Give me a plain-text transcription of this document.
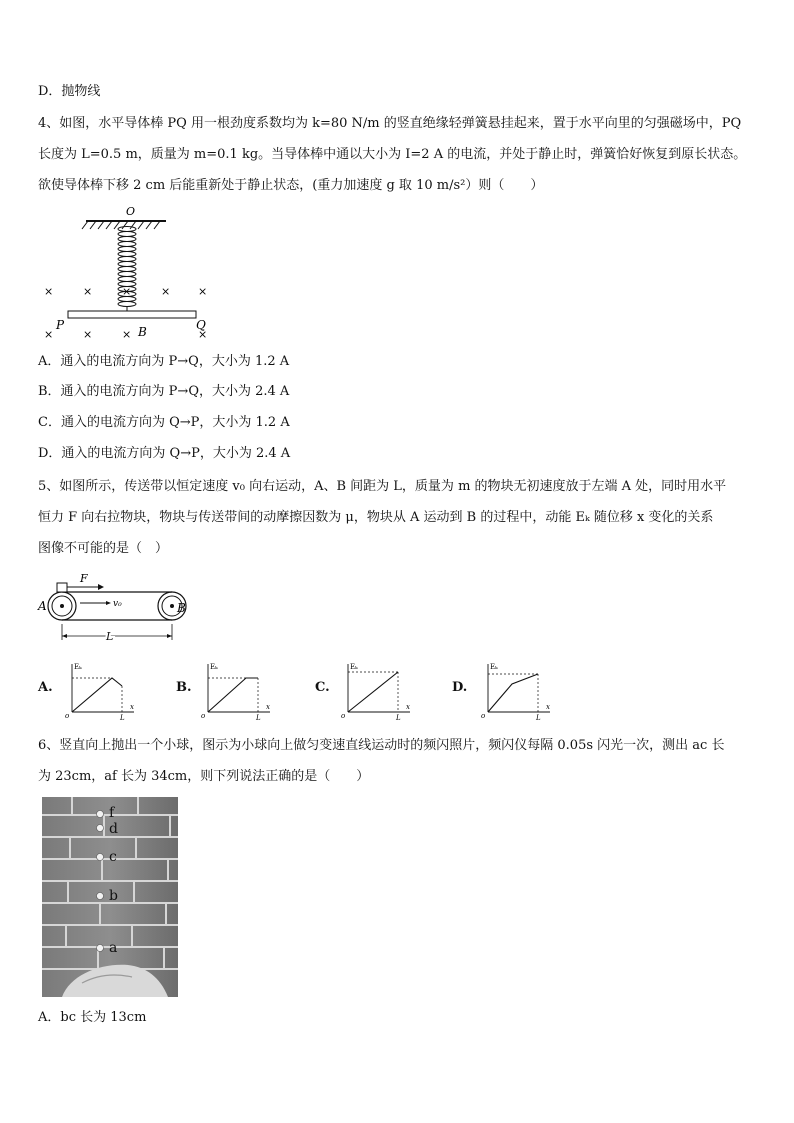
D．抛物线
4、如图，水平导体棒 PQ 用一根劲度系数均为 k=80 N/m 的竖直绝缘轻弹簧悬挂起来，置于水平向里的匀强磁场中，PQ
长度为 L=0.5 m，质量为 m=0.1 kg。当导体棒中通以大小为 I=2 A 的电流，并处于静止时，弹簧恰好恢复到原长状态。
欲使导体棒下移 2 cm 后能重新处于静止状态，(重力加速度 g 取 10 m/s²）则（　　）
O
×	×	×	×	×
×	×	×	×
P	Q
B
A．通入的电流方向为 P→Q，大小为 1.2 A
B．通入的电流方向为 P→Q，大小为 2.4 A
C．通入的电流方向为 Q→P，大小为 1.2 A
D．通入的电流方向为 Q→P，大小为 2.4 A
5、如图所示，传送带以恒定速度 v₀ 向右运动，A、B 间距为 L，质量为 m 的物块无初速度放于左端 A 处，同时用水平
恒力 F 向右拉物块，物块与传送带间的动摩擦因数为 μ，物块从 A 运动到 B 的过程中，动能 Eₖ 随位移 x 变化的关系
图像不可能的是（　）
F
v₀
A	B
L
A.
Eₖ
x
o	L
B.
Eₖ
x
o	L
C.
Eₖ
x
o	L
D.
Eₖ
x
o	L
6、竖直向上抛出一个小球，图示为小球向上做匀变速直线运动时的频闪照片，频闪仪每隔 0.05s 闪光一次，测出 ac 长
为 23cm，af 长为 34cm，则下列说法正确的是（　　）
f
d
c
b
a
A．bc 长为 13cm
